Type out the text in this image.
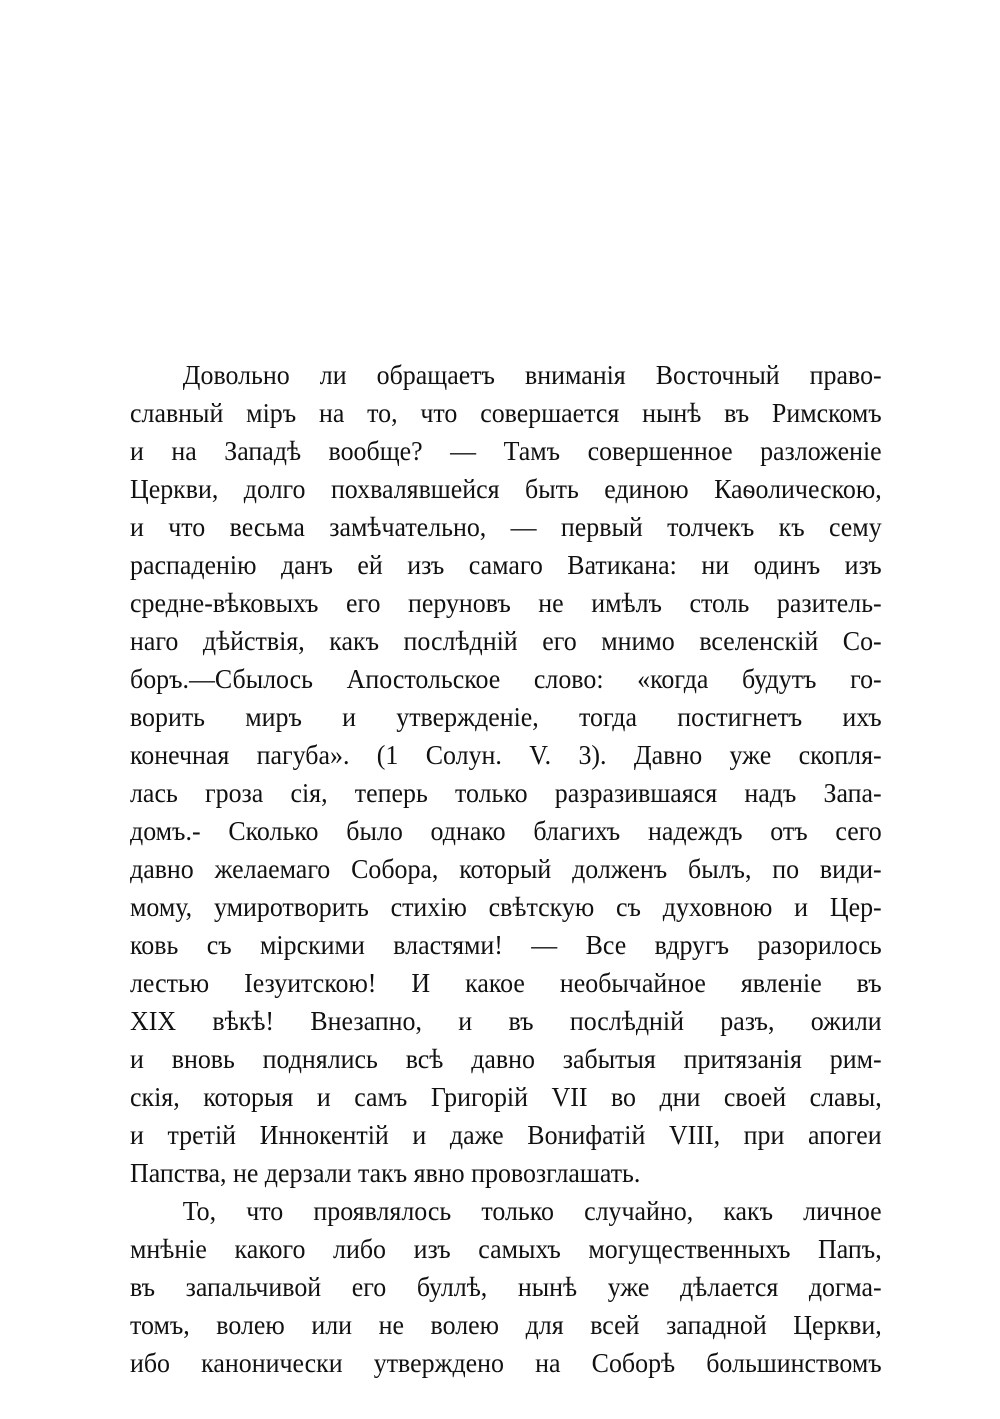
Довольно ли обращаетъ вниманія Восточный право-
славный міръ на то, что совершается нынѣ въ Римскомъ
и на Западѣ вообще? — Тамъ совершенное разложеніе
Церкви, долго похвалявшейся быть единою Каѳолическою,
и что весьма замѣчательно, — первый толчекъ къ сему
распаденію данъ ей изъ самаго Ватикана: ни одинъ изъ
средне-вѣковыхъ его перуновъ не имѣлъ столь разитель-
наго дѣйствія, какъ послѣдній его мнимо вселенскій Со-
боръ.—Сбылось Апостольское слово: «когда будутъ го-
ворить миръ и утвержденіе, тогда постигнетъ ихъ
конечная пагуба». (1 Солун. V. 3). Давно уже скопля-
лась гроза сія, теперь только разразившаяся надъ Запа-
домъ.- Сколько было однако благихъ надеждъ отъ сего
давно желаемаго Собора, который долженъ былъ, по види-
мому, умиротворить стихію свѣтскую съ духовною и Цер-
ковь съ мірскими властями! — Все вдругъ разорилось
лестью Іезуитскою! И какое необычайное явленіе въ
XIX вѣкѣ! Внезапно, и въ послѣдній разъ, ожили
и вновь поднялись всѣ давно забытыя притязанія рим-
скія, которыя и самъ Григорій VII во дни своей славы,
и третій Иннокентій и даже Вонифатій VIII, при апогеи
Папства, не дерзали такъ явно провозглашать.
То, что проявлялось только случайно, какъ личное
мнѣніе какого либо изъ самыхъ могущественныхъ Папъ,
въ запальчивой его буллѣ, нынѣ уже дѣлается догма-
томъ, волею или не волею для всей западной Церкви,
ибо канонически утверждено на Соборѣ большинствомъ
